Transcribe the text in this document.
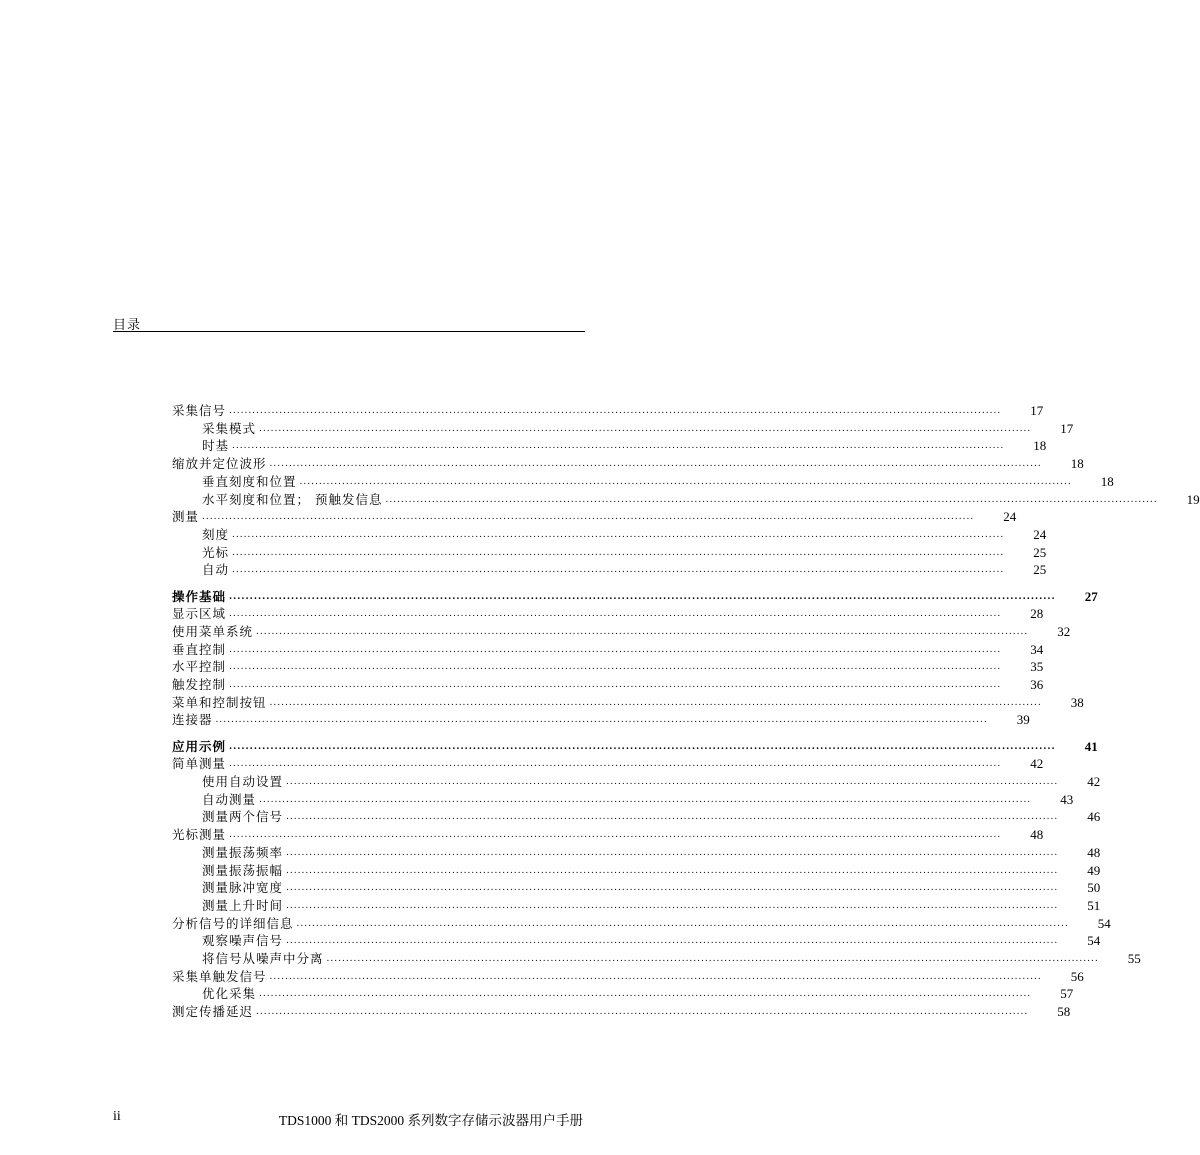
目录
采集信号 ........................................................................................................................................................................................................	17
采集模式 ........................................................................................................................................................................................................	17
时基 ........................................................................................................................................................................................................	18
缩放并定位波形 ........................................................................................................................................................................................................	18
垂直刻度和位置 ........................................................................................................................................................................................................	18
水平刻度和位置； 预触发信息 ........................................................................................................................................................................................................	19
测量 ........................................................................................................................................................................................................	24
刻度 ........................................................................................................................................................................................................	24
光标 ........................................................................................................................................................................................................	25
自动 ........................................................................................................................................................................................................	25
操作基础 ........................................................................................................................................................................................................	27
显示区域 ........................................................................................................................................................................................................	28
使用菜单系统 ........................................................................................................................................................................................................	32
垂直控制 ........................................................................................................................................................................................................	34
水平控制 ........................................................................................................................................................................................................	35
触发控制 ........................................................................................................................................................................................................	36
菜单和控制按钮 ........................................................................................................................................................................................................	38
连接器 ........................................................................................................................................................................................................	39
应用示例 ........................................................................................................................................................................................................	41
简单测量 ........................................................................................................................................................................................................	42
使用自动设置 ........................................................................................................................................................................................................	42
自动测量 ........................................................................................................................................................................................................	43
测量两个信号 ........................................................................................................................................................................................................	46
光标测量 ........................................................................................................................................................................................................	48
测量振荡频率 ........................................................................................................................................................................................................	48
测量振荡振幅 ........................................................................................................................................................................................................	49
测量脉冲宽度 ........................................................................................................................................................................................................	50
测量上升时间 ........................................................................................................................................................................................................	51
分析信号的详细信息 ........................................................................................................................................................................................................	54
观察噪声信号 ........................................................................................................................................................................................................	54
将信号从噪声中分离 ........................................................................................................................................................................................................	55
采集单触发信号 ........................................................................................................................................................................................................	56
优化采集 ........................................................................................................................................................................................................	57
测定传播延迟 ........................................................................................................................................................................................................	58
ii	TDS1000 和 TDS2000 系列数字存储示波器用户手册
